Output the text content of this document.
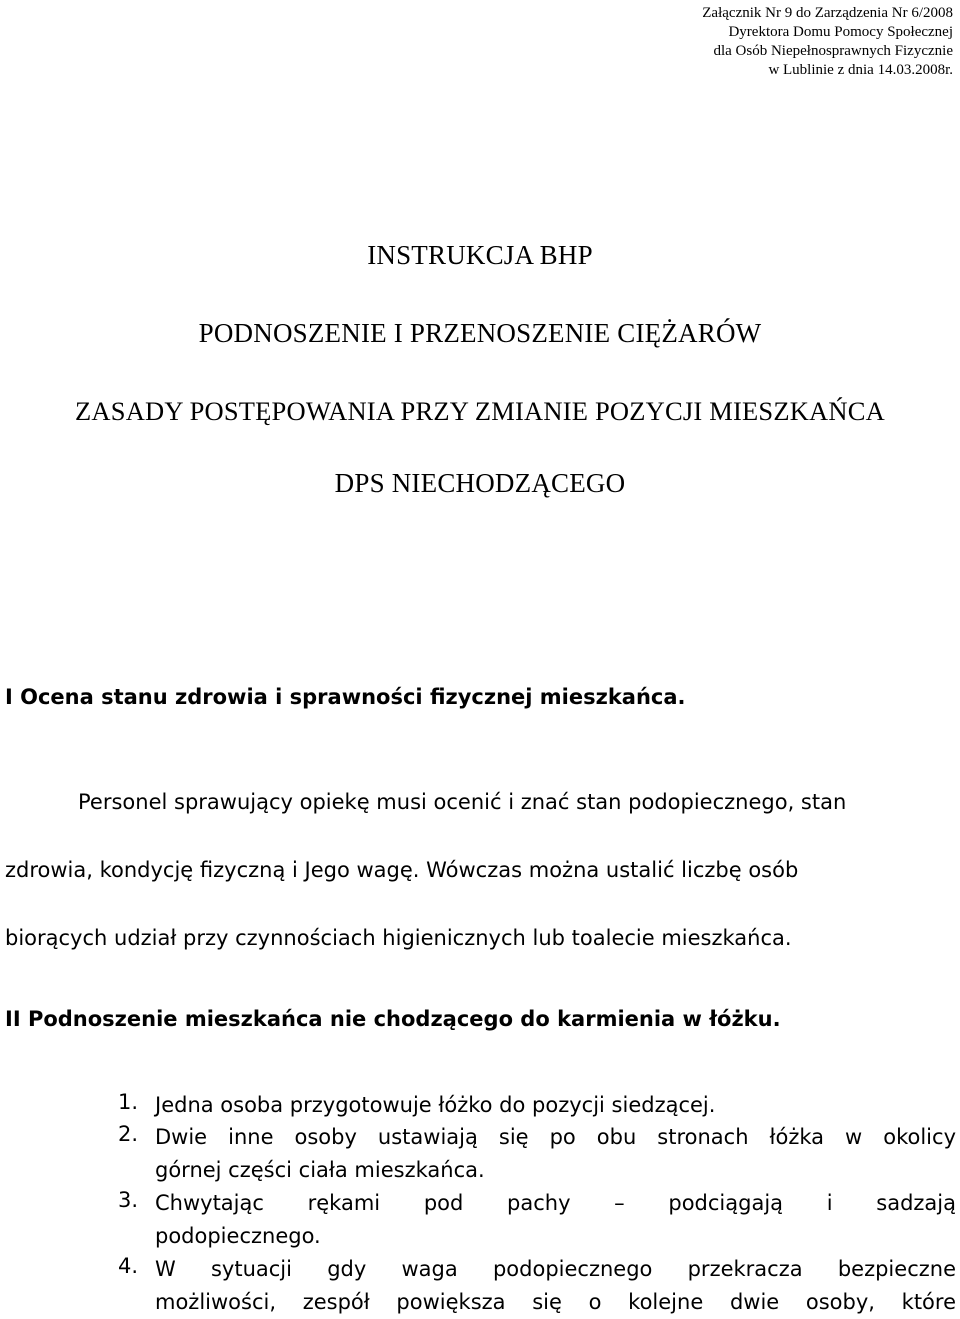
Załącznik Nr 9 do Zarządzenia Nr 6/2008
Dyrektora Domu Pomocy Społecznej
dla Osób Niepełnosprawnych Fizycznie
w Lublinie z dnia 14.03.2008r.
INSTRUKCJA BHP
PODNOSZENIE I PRZENOSZENIE CIĘŻARÓW
ZASADY POSTĘPOWANIA PRZY ZMIANIE POZYCJI MIESZKAŃCA
DPS NIECHODZĄCEGO
I Ocena stanu zdrowia i sprawności fizycznej mieszkańca.
Personel sprawujący opiekę musi ocenić i znać stan podopiecznego, stan
zdrowia, kondycję fizyczną i Jego wagę. Wówczas można ustalić liczbę osób
biorących udział przy czynnościach higienicznych lub toalecie mieszkańca.
II Podnoszenie mieszkańca nie chodzącego do karmienia w łóżku.
1. Jedna osoba przygotowuje łóżko do pozycji siedzącej.
2. Dwie inne osoby ustawiają się po obu stronach łóżka w okolicy
górnej części ciała mieszkańca.
3. Chwytając rękami pod pachy – podciągają i sadzają
podopiecznego.
4. W sytuacji gdy waga podopiecznego przekracza bezpieczne
możliwości, zespół powiększa się o kolejne dwie osoby, które
